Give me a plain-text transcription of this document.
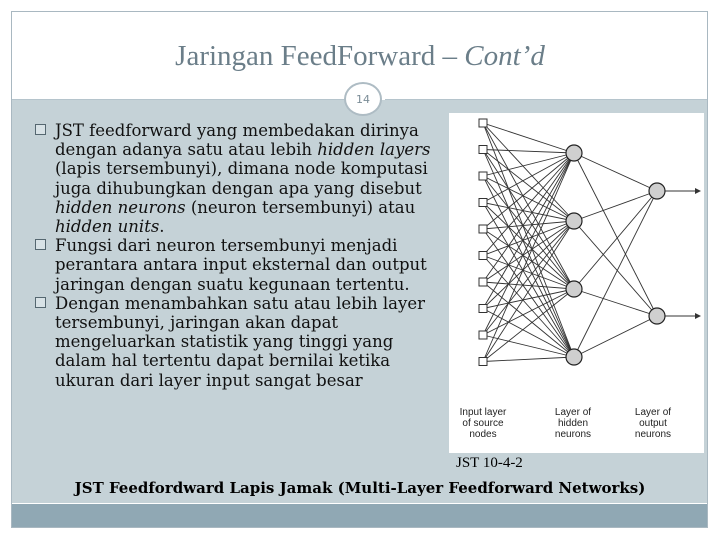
Jaringan FeedForward – Cont’d
14

JST feedforward yang membedakan dirinya dengan adanya satu atau lebih hidden layers (lapis tersembunyi), dimana node komputasi juga dihubungkan dengan apa yang disebut hidden neurons (neuron tersembunyi) atau hidden units.

Fungsi dari neuron tersembunyi menjadi perantara antara input eksternal dan output jaringan dengan suatu kegunaan tertentu.

Dengan menambahkan satu atau lebih layer tersembunyi, jaringan akan dapat mengeluarkan statistik yang tinggi yang dalam hal tertentu dapat bernilai ketika ukuran dari layer input sangat besar

Input layer
of source
nodes
Layer of
hidden
neurons
Layer of
output
neurons
JST 10-4-2
JST Feedfordward Lapis Jamak (Multi-Layer Feedforward Networks)
